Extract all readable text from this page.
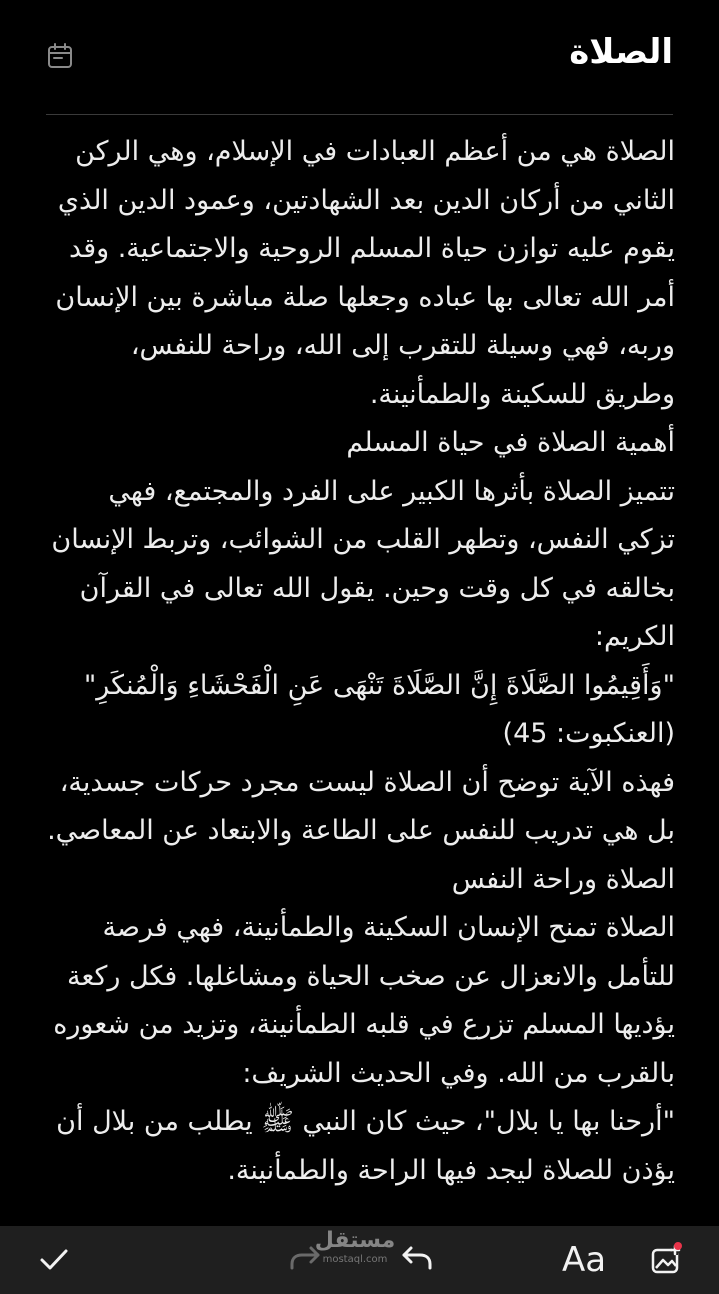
الصلاة

الصلاة هي من أعظم العبادات في الإسلام، وهي الركن الثاني من أركان الدين بعد الشهادتين، وعمود الدين الذي يقوم عليه توازن حياة المسلم الروحية والاجتماعية. وقد أمر الله تعالى بها عباده وجعلها صلة مباشرة بين الإنسان وربه، فهي وسيلة للتقرب إلى الله، وراحة للنفس، وطريق للسكينة والطمأنينة.

أهمية الصلاة في حياة المسلم

تتميز الصلاة بأثرها الكبير على الفرد والمجتمع، فهي تزكي النفس، وتطهر القلب من الشوائب، وتربط الإنسان بخالقه في كل وقت وحين. يقول الله تعالى في القرآن الكريم:

"وَأَقِيمُوا الصَّلَاةَ إِنَّ الصَّلَاةَ تَنْهَى عَنِ الْفَحْشَاءِ وَالْمُنكَرِ" (العنكبوت: 45)

فهذه الآية توضح أن الصلاة ليست مجرد حركات جسدية، بل هي تدريب للنفس على الطاعة والابتعاد عن المعاصي.

الصلاة وراحة النفس

الصلاة تمنح الإنسان السكينة والطمأنينة، فهي فرصة للتأمل والانعزال عن صخب الحياة ومشاغلها. فكل ركعة يؤديها المسلم تزرع في قلبه الطمأنينة، وتزيد من شعوره بالقرب من الله. وفي الحديث الشريف:

"أرحنا بها يا بلال"، حيث كان النبي ﷺ يطلب من بلال أن يؤذن للصلاة ليجد فيها الراحة والطمأنينة.

Aa
مستقل
mostaql.com
